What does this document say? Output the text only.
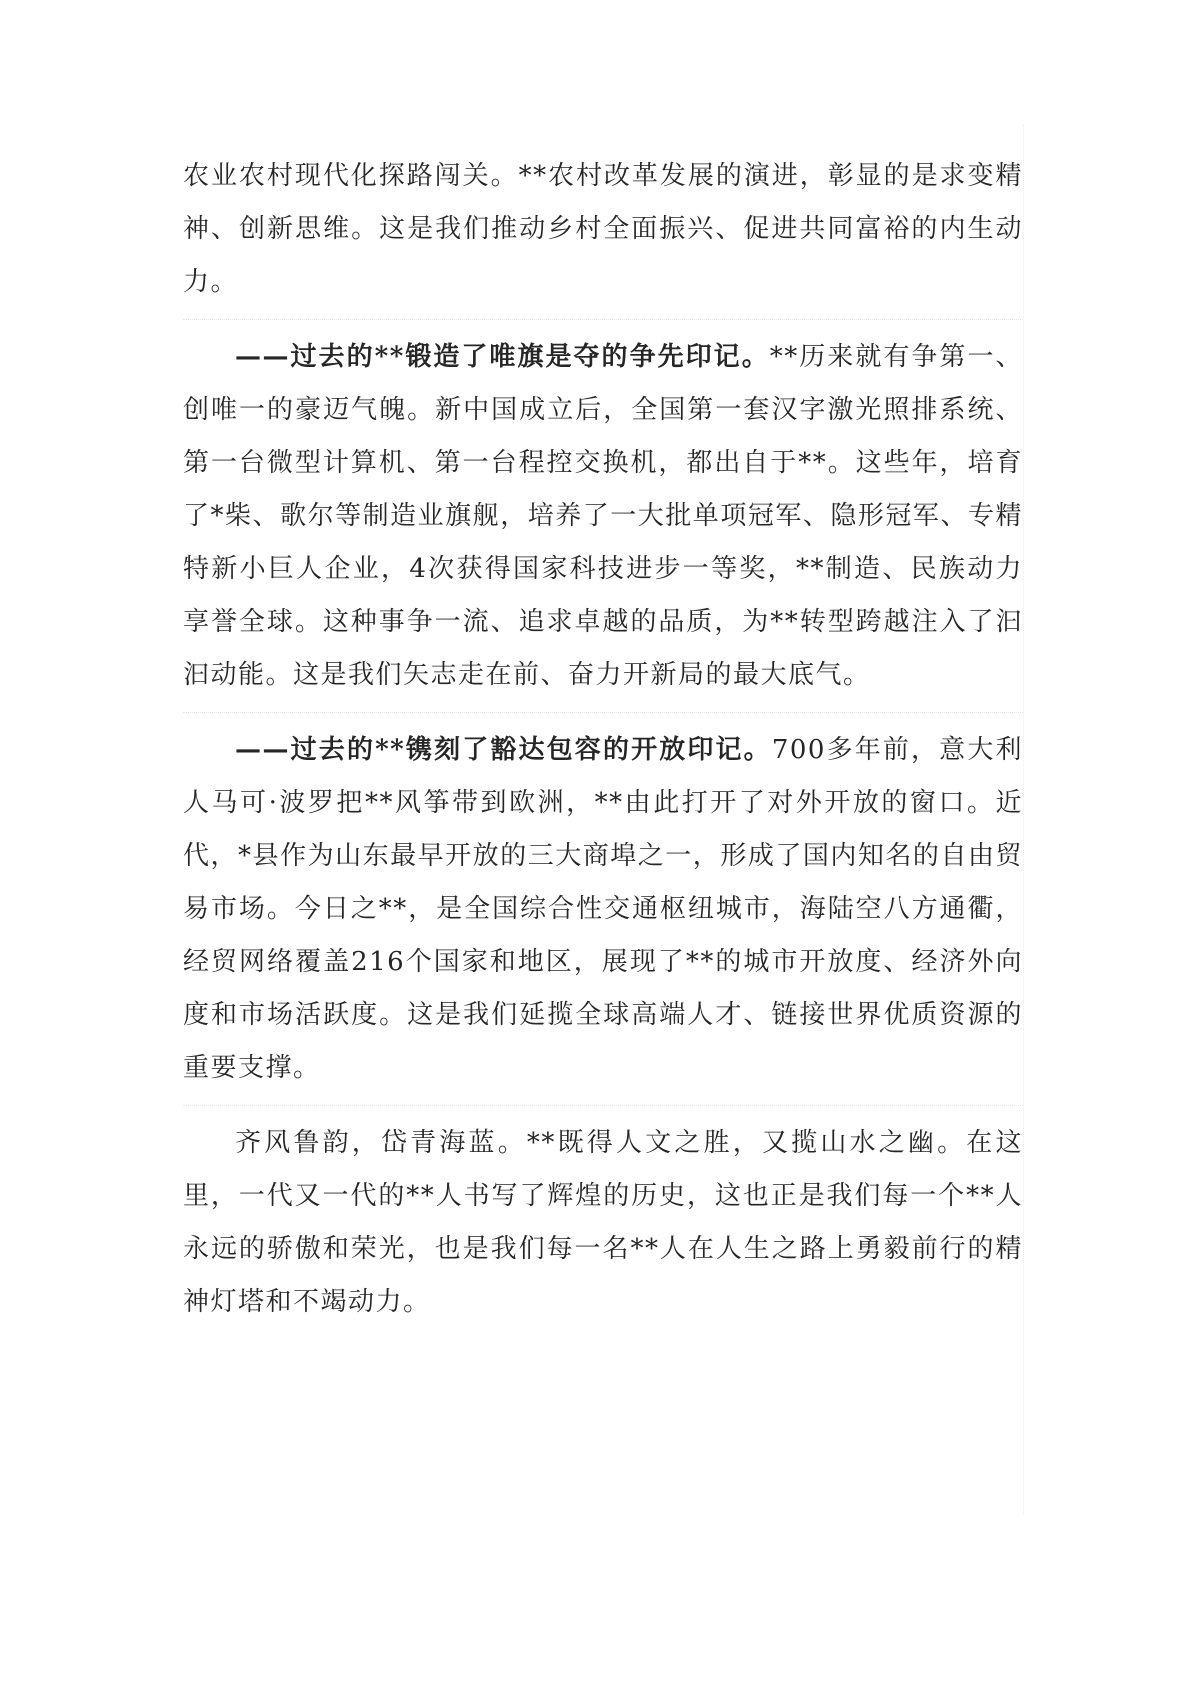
农业农村现代化探路闯关。**农村改革发展的演进，彰显的是求变精神、创新思维。这是我们推动乡村全面振兴、促进共同富裕的内生动力。

——过去的**锻造了唯旗是夺的争先印记。**历来就有争第一、创唯一的豪迈气魄。新中国成立后，全国第一套汉字激光照排系统、第一台微型计算机、第一台程控交换机，都出自于**。这些年，培育了*柴、歌尔等制造业旗舰，培养了一大批单项冠军、隐形冠军、专精特新小巨人企业，4次获得国家科技进步一等奖，**制造、民族动力享誉全球。这种事争一流、追求卓越的品质，为**转型跨越注入了汩汩动能。这是我们矢志走在前、奋力开新局的最大底气。

——过去的**镌刻了豁达包容的开放印记。700多年前，意大利人马可·波罗把**风筝带到欧洲，**由此打开了对外开放的窗口。近代，*县作为山东最早开放的三大商埠之一，形成了国内知名的自由贸易市场。今日之**，是全国综合性交通枢纽城市，海陆空八方通衢，经贸网络覆盖216个国家和地区，展现了**的城市开放度、经济外向度和市场活跃度。这是我们延揽全球高端人才、链接世界优质资源的重要支撑。

齐风鲁韵，岱青海蓝。**既得人文之胜，又揽山水之幽。在这里，一代又一代的**人书写了辉煌的历史，这也正是我们每一个**人永远的骄傲和荣光，也是我们每一名**人在人生之路上勇毅前行的精神灯塔和不竭动力。
